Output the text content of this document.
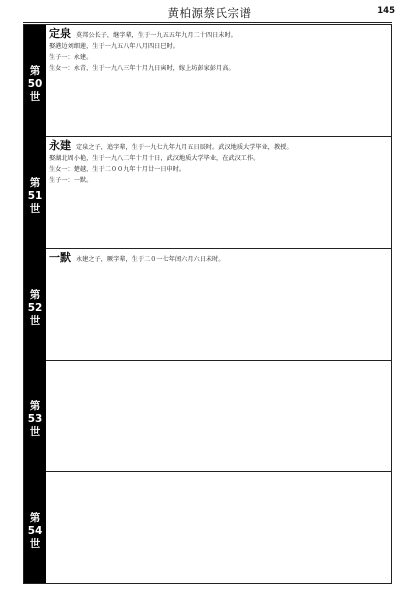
黄柏源蔡氏宗谱	145
第
50
世
第
51
世
第
52
世
第
53
世
第
54
世
定泉 莫邦公长子，继字辈，生于一九五五年九月二十四日未时。
娶港边刘细莲，生于一九五八年八月四日巳时。
生子一：永建。
生女一：永青，生于一九八三年十月九日寅时，嫁上坊彭家彭月高。
永建 定泉之子，追字辈，生于一九七九年九月五日辰时。武汉地质大学毕业，教授。
娶湖北周小艳，生于一九八二年十月十日，武汉地质大学毕业，在武汉工作。
生女一：楚越，生于二００九年十月廿一日申时。
生子一：一默。
一默 永建之子，厥字辈，生于二０一七年闰六月六日未时。
